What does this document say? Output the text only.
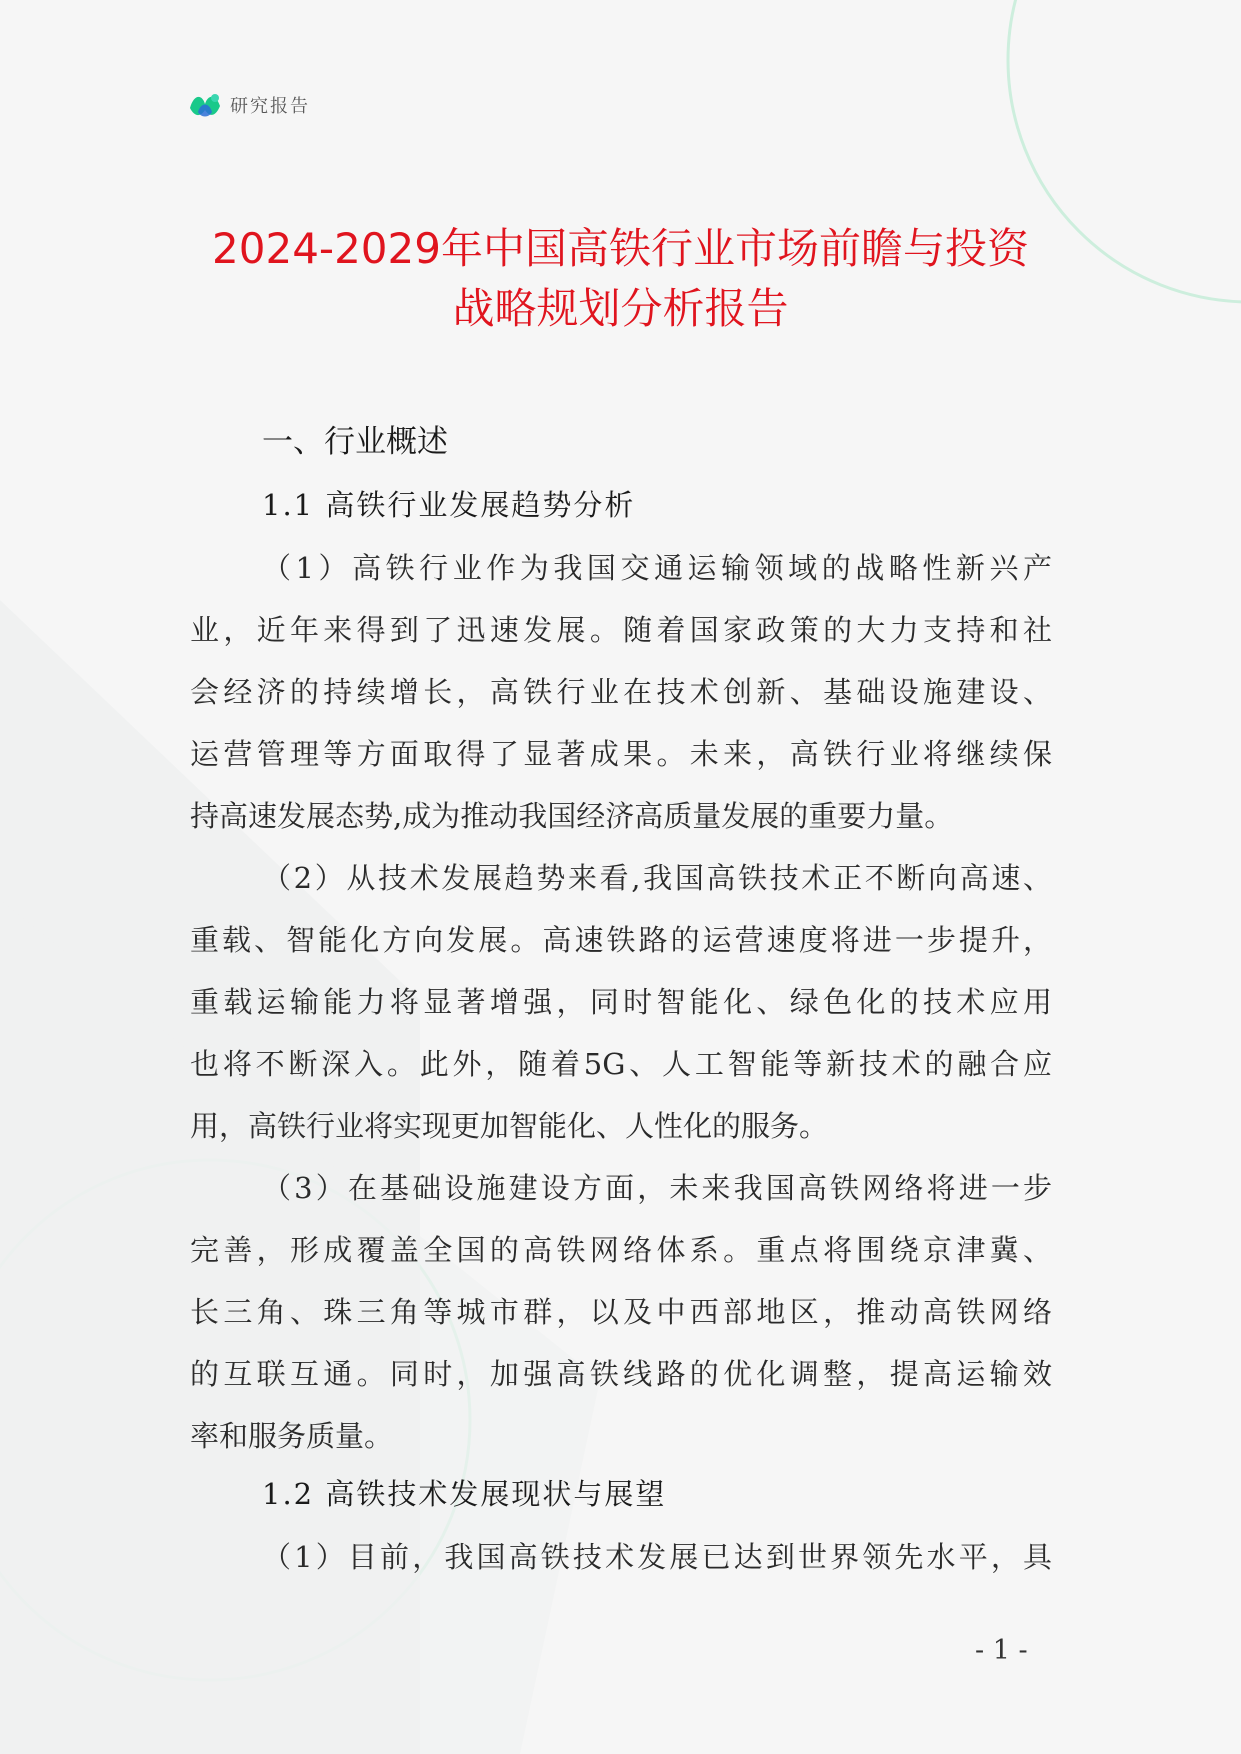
研究报告
2024-2029年中国高铁行业市场前瞻与投资
战略规划分析报告
一、行业概述
1.1 高铁行业发展趋势分析
（1）高铁行业作为我国交通运输领域的战略性新兴产
业，近年来得到了迅速发展。随着国家政策的大力支持和社
会经济的持续增长，高铁行业在技术创新、基础设施建设、
运营管理等方面取得了显著成果。未来，高铁行业将继续保
持高速发展态势,成为推动我国经济高质量发展的重要力量。
（2）从技术发展趋势来看,我国高铁技术正不断向高速、
重载、智能化方向发展。高速铁路的运营速度将进一步提升，
重载运输能力将显著增强，同时智能化、绿色化的技术应用
也将不断深入。此外，随着5G、人工智能等新技术的融合应
用，高铁行业将实现更加智能化、人性化的服务。
（3）在基础设施建设方面，未来我国高铁网络将进一步
完善，形成覆盖全国的高铁网络体系。重点将围绕京津冀、
长三角、珠三角等城市群，以及中西部地区，推动高铁网络
的互联互通。同时，加强高铁线路的优化调整，提高运输效
率和服务质量。
1.2 高铁技术发展现状与展望
（1）目前，我国高铁技术发展已达到世界领先水平，具
- 1 -
